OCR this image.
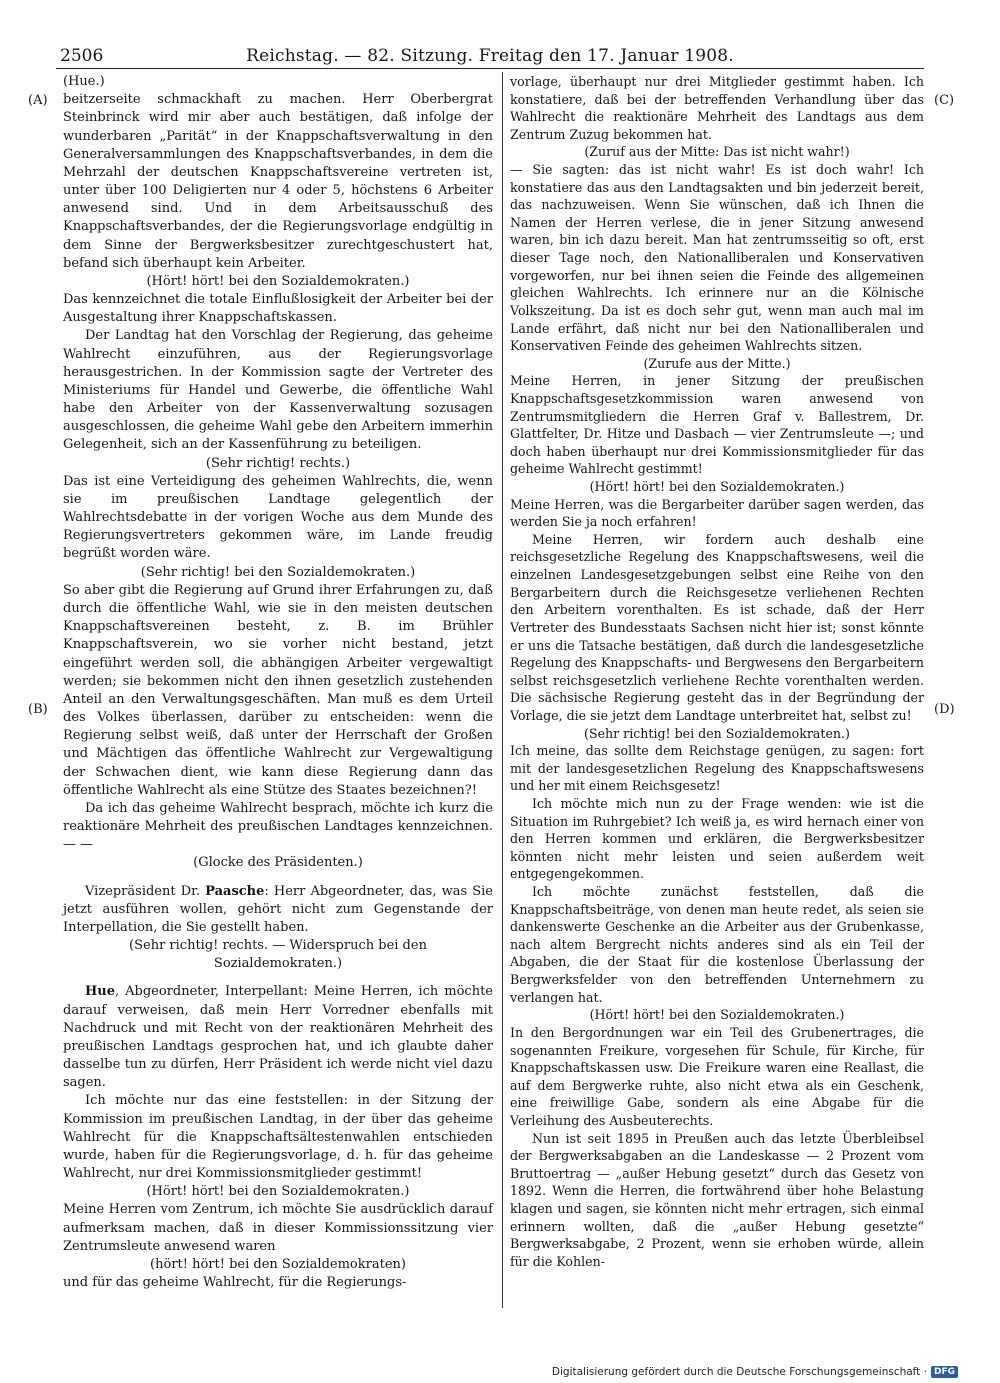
2506	Reichstag. — 82. Sitzung. Freitag den 17. Januar 1908.
(A)
(B)
(C)
(D)

(Hue.)

beitzerseite schmackhaft zu machen. Herr Oberbergrat Steinbrinck wird mir aber auch bestätigen, daß infolge der wunderbaren „Parität“ in der Knappschaftsverwaltung in den Generalversammlungen des Knappschaftsverbandes, in dem die Mehrzahl der deutschen Knappschaftsvereine vertreten ist, unter über 100 Deligierten nur 4 oder 5, höchstens 6 Arbeiter anwesend sind. Und in dem Arbeitsausschuß des Knappschaftsverbandes, der die Regierungsvorlage endgültig in dem Sinne der Bergwerksbesitzer zurechtgeschustert hat, befand sich überhaupt kein Arbeiter.

(Hört! hört! bei den Sozialdemokraten.)

Das kennzeichnet die totale Einflußlosigkeit der Arbeiter bei der Ausgestaltung ihrer Knappschaftskassen.

Der Landtag hat den Vorschlag der Regierung, das geheime Wahlrecht einzuführen, aus der Regierungsvorlage herausgestrichen. In der Kommission sagte der Vertreter des Ministeriums für Handel und Gewerbe, die öffentliche Wahl habe den Arbeiter von der Kassenverwaltung sozusagen ausgeschlossen, die geheime Wahl gebe den Arbeitern immerhin Gelegenheit, sich an der Kassenführung zu beteiligen.

(Sehr richtig! rechts.)

Das ist eine Verteidigung des geheimen Wahlrechts, die, wenn sie im preußischen Landtage gelegentlich der Wahlrechtsdebatte in der vorigen Woche aus dem Munde des Regierungsvertreters gekommen wäre, im Lande freudig begrüßt worden wäre.

(Sehr richtig! bei den Sozialdemokraten.)

So aber gibt die Regierung auf Grund ihrer Erfahrungen zu, daß durch die öffentliche Wahl, wie sie in den meisten deutschen Knappschaftsvereinen besteht, z. B. im Brühler Knappschaftsverein, wo sie vorher nicht bestand, jetzt eingeführt werden soll, die abhängigen Arbeiter vergewaltigt werden; sie bekommen nicht den ihnen gesetzlich zustehenden Anteil an den Verwaltungsgeschäften. Man muß es dem Urteil des Volkes überlassen, darüber zu entscheiden: wenn die Regierung selbst weiß, daß unter der Herrschaft der Großen und Mächtigen das öffentliche Wahlrecht zur Vergewaltigung der Schwachen dient, wie kann diese Regierung dann das öffentliche Wahlrecht als eine Stütze des Staates bezeichnen?!

Da ich das geheime Wahlrecht besprach, möchte ich kurz die reaktionäre Mehrheit des preußischen Landtages kennzeichnen. — —

(Glocke des Präsidenten.)

Vizepräsident Dr. Paasche: Herr Abgeordneter, das, was Sie jetzt ausführen wollen, gehört nicht zum Gegenstande der Interpellation, die Sie gestellt haben.

(Sehr richtig! rechts. — Widerspruch bei den Sozialdemokraten.)

Hue, Abgeordneter, Interpellant: Meine Herren, ich möchte darauf verweisen, daß mein Herr Vorredner ebenfalls mit Nachdruck und mit Recht von der reaktionären Mehrheit des preußischen Landtags gesprochen hat, und ich glaubte daher dasselbe tun zu dürfen, Herr Präsident ich werde nicht viel dazu sagen.

Ich möchte nur das eine feststellen: in der Sitzung der Kommission im preußischen Landtag, in der über das geheime Wahlrecht für die Knappschaftsältestenwahlen entschieden wurde, haben für die Regierungsvorlage, d. h. für das geheime Wahlrecht, nur drei Kommissionsmitglieder gestimmt!

(Hört! hört! bei den Sozialdemokraten.)

Meine Herren vom Zentrum, ich möchte Sie ausdrücklich darauf aufmerksam machen, daß in dieser Kommissionssitzung vier Zentrumsleute anwesend waren

(hört! hört! bei den Sozialdemokraten)

und für das geheime Wahlrecht, für die Regierungs-

vorlage, überhaupt nur drei Mitglieder gestimmt haben. Ich konstatiere, daß bei der betreffenden Verhandlung über das Wahlrecht die reaktionäre Mehrheit des Landtags aus dem Zentrum Zuzug bekommen hat.

(Zuruf aus der Mitte: Das ist nicht wahr!)

— Sie sagten: das ist nicht wahr! Es ist doch wahr! Ich konstatiere das aus den Landtagsakten und bin jederzeit bereit, das nachzuweisen. Wenn Sie wünschen, daß ich Ihnen die Namen der Herren verlese, die in jener Sitzung anwesend waren, bin ich dazu bereit. Man hat zentrumsseitig so oft, erst dieser Tage noch, den Nationalliberalen und Konservativen vorgeworfen, nur bei ihnen seien die Feinde des allgemeinen gleichen Wahlrechts. Ich erinnere nur an die Kölnische Volkszeitung. Da ist es doch sehr gut, wenn man auch mal im Lande erfährt, daß nicht nur bei den Nationalliberalen und Konservativen Feinde des geheimen Wahlrechts sitzen.

(Zurufe aus der Mitte.)

Meine Herren, in jener Sitzung der preußischen Knappschaftsgesetzkommission waren anwesend von Zentrumsmitgliedern die Herren Graf v. Ballestrem, Dr. Glattfelter, Dr. Hitze und Dasbach — vier Zentrumsleute —; und doch haben überhaupt nur drei Kommissionsmitglieder für das geheime Wahlrecht gestimmt!

(Hört! hört! bei den Sozialdemokraten.)

Meine Herren, was die Bergarbeiter darüber sagen werden, das werden Sie ja noch erfahren!

Meine Herren, wir fordern auch deshalb eine reichsgesetzliche Regelung des Knappschaftswesens, weil die einzelnen Landesgesetzgebungen selbst eine Reihe von den Bergarbeitern durch die Reichsgesetze verliehenen Rechten den Arbeitern vorenthalten. Es ist schade, daß der Herr Vertreter des Bundesstaats Sachsen nicht hier ist; sonst könnte er uns die Tatsache bestätigen, daß durch die landesgesetzliche Regelung des Knappschafts- und Bergwesens den Bergarbeitern selbst reichsgesetzlich verliehene Rechte vorenthalten werden. Die sächsische Regierung gesteht das in der Begründung der Vorlage, die sie jetzt dem Landtage unterbreitet hat, selbst zu!

(Sehr richtig! bei den Sozialdemokraten.)

Ich meine, das sollte dem Reichstage genügen, zu sagen: fort mit der landesgesetzlichen Regelung des Knappschaftswesens und her mit einem Reichsgesetz!

Ich möchte mich nun zu der Frage wenden: wie ist die Situation im Ruhrgebiet? Ich weiß ja, es wird hernach einer von den Herren kommen und erklären, die Bergwerksbesitzer könnten nicht mehr leisten und seien außerdem weit entgegengekommen.

Ich möchte zunächst feststellen, daß die Knappschaftsbeiträge, von denen man heute redet, als seien sie dankenswerte Geschenke an die Arbeiter aus der Grubenkasse, nach altem Bergrecht nichts anderes sind als ein Teil der Abgaben, die der Staat für die kostenlose Überlassung der Bergwerksfelder von den betreffenden Unternehmern zu verlangen hat.

(Hört! hört! bei den Sozialdemokraten.)

In den Bergordnungen war ein Teil des Grubenertrages, die sogenannten Freikure, vorgesehen für Schule, für Kirche, für Knappschaftskassen usw. Die Freikure waren eine Reallast, die auf dem Bergwerke ruhte, also nicht etwa als ein Geschenk, eine freiwillige Gabe, sondern als eine Abgabe für die Verleihung des Ausbeuterechts.

Nun ist seit 1895 in Preußen auch das letzte Überbleibsel der Bergwerksabgaben an die Landeskasse — 2 Prozent vom Bruttoertrag — „außer Hebung gesetzt“ durch das Gesetz von 1892. Wenn die Herren, die fortwährend über hohe Belastung klagen und sagen, sie könnten nicht mehr ertragen, sich einmal erinnern wollten, daß die „außer Hebung gesetzte“ Bergwerksabgabe, 2 Prozent, wenn sie erhoben würde, allein für die Kohlen-

Digitalisierung gefördert durch die Deutsche Forschungsgemeinschaft · DFG
